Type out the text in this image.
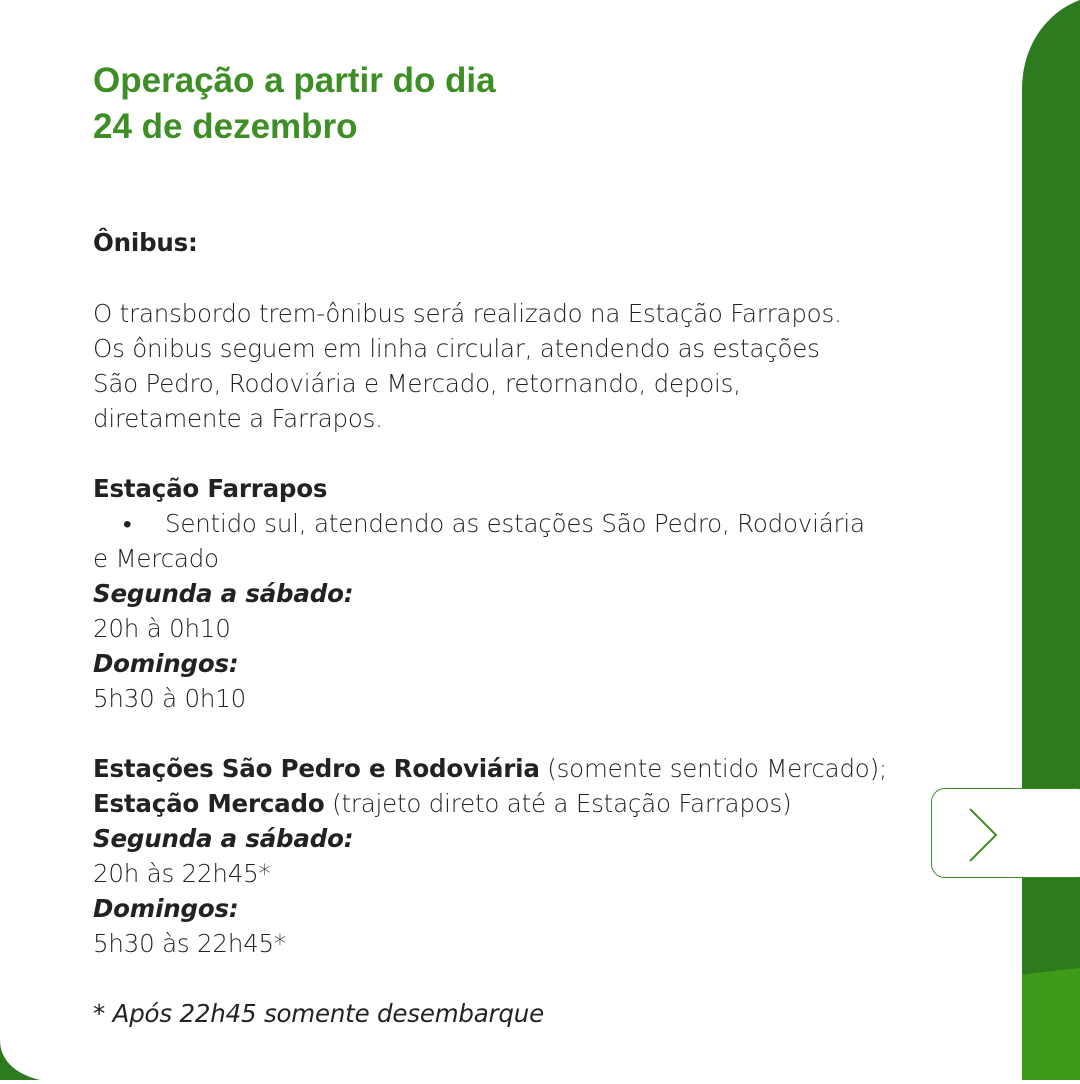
Operação a partir do dia
24 de dezembro
Ônibus:
O transbordo trem-ônibus será realizado na Estação Farrapos.
Os ônibus seguem em linha circular, atendendo as estações
São Pedro, Rodoviária e Mercado, retornando, depois,
diretamente a Farrapos.
Estação Farrapos
• Sentido sul, atendendo as estações São Pedro, Rodoviária
e Mercado
Segunda a sábado:
20h à 0h10
Domingos:
5h30 à 0h10
Estações São Pedro e Rodoviária (somente sentido Mercado);
Estação Mercado (trajeto direto até a Estação Farrapos)
Segunda a sábado:
20h às 22h45*
Domingos:
5h30 às 22h45*
* Após 22h45 somente desembarque
